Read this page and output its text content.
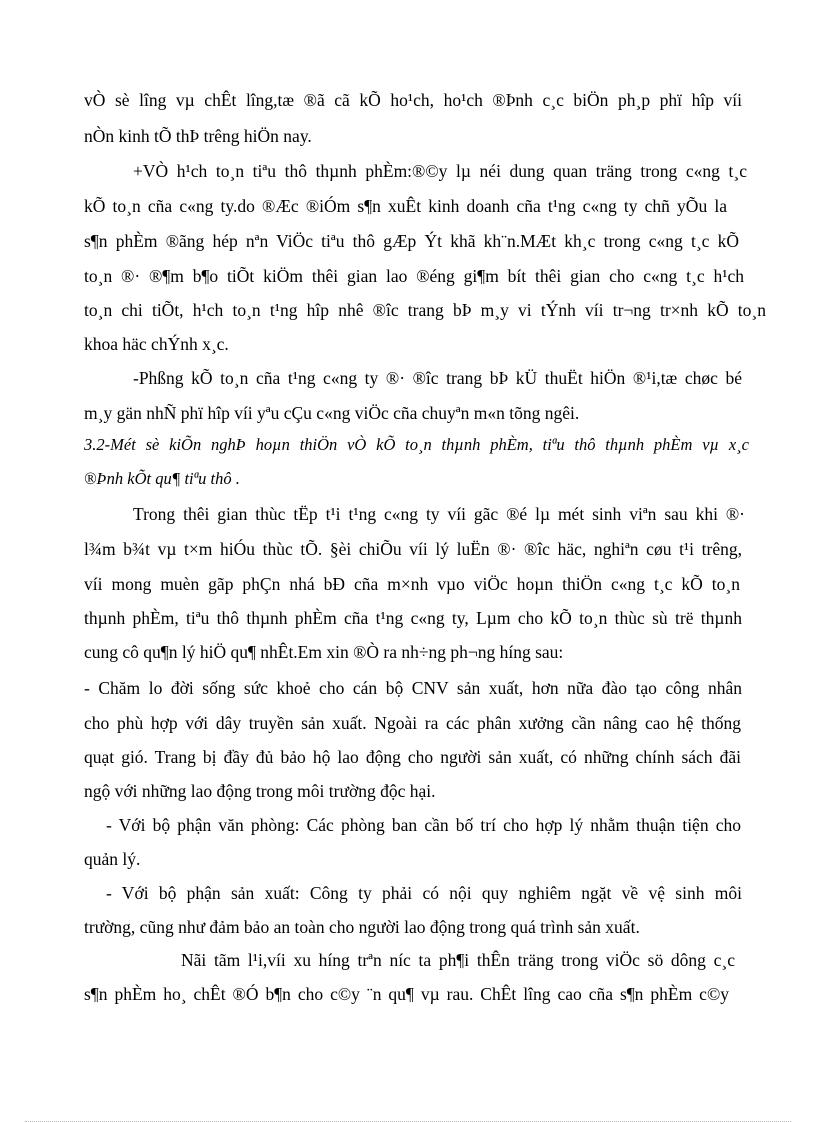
vÒ sè lîng vµ chÊt lîng,tæ ®ã cã kÕ ho¹ch, ho¹ch ®Þnh c¸c biÖn ph¸p phï hîp víi
nÒn kinh tÕ thÞ trêng hiÖn nay.
+VÒ h¹ch to¸n tiªu thô thµnh phÈm:®©y lµ néi dung quan träng trong c«ng t¸c
kÕ to¸n cña c«ng ty.do ®Æc ®iÓm s¶n xuÊt kinh doanh cña t¹ng c«ng ty chñ yÕu la
s¶n phÈm ®ãng hép nªn ViÖc tiªu thô gÆp Ýt khã kh¨n.MÆt kh¸c trong c«ng t¸c kÕ
to¸n ®· ®¶m b¶o tiÕt kiÖm thêi gian lao ®éng gi¶m bít thêi gian cho c«ng t¸c h¹ch
to¸n chi tiÕt, h¹ch to¸n t¹ng hîp nhê ®îc trang bÞ m¸y vi tÝnh víi tr¬ng tr×nh kÕ to¸n
khoa häc chÝnh x¸c.
-Phßng kÕ to¸n cña t¹ng c«ng ty ®· ®îc trang bÞ kÜ thuËt hiÖn ®¹i,tæ chøc bé
m¸y gän nhÑ phï hîp víi yªu cÇu c«ng viÖc cña chuyªn m«n tõng ngêi.
3.2-Mét sè kiÕn nghÞ hoµn thiÖn vÒ kÕ to¸n thµnh phÈm, tiªu thô thµnh phÈm vµ x¸c
®Þnh kÕt qu¶ tiªu thô .
Trong thêi gian thùc tËp t¹i t¹ng c«ng ty víi gãc ®é lµ mét sinh viªn sau khi ®·
l¾m b¾t vµ t×m hiÓu thùc tÕ. §èi chiÕu víi lý luËn ®· ®îc häc, nghiªn cøu t¹i trêng,
víi mong muèn gãp phÇn nhá bÐ cña m×nh vµo viÖc hoµn thiÖn c«ng t¸c kÕ to¸n
thµnh phÈm, tiªu thô thµnh phÈm cña t¹ng c«ng ty, Lµm cho kÕ to¸n thùc sù trë thµnh
cung cô qu¶n lý hiÖ qu¶ nhÊt.Em xin ®Ò ra nh÷ng ph¬ng híng sau:
- Chăm lo đời sống sức khoẻ cho cán bộ CNV sản xuất, hơn nữa đào tạo công nhân
cho phù hợp với dây truyền sản xuất. Ngoài ra các phân xưởng cần nâng cao hệ thống
quạt gió. Trang bị đầy đủ bảo hộ lao động cho người sản xuất, có những chính sách đãi
ngộ với những lao động trong môi trường độc hại.
- Với bộ phận văn phòng: Các phòng ban cần bố trí cho hợp lý nhằm thuận tiện cho
quản lý.
- Với bộ phận sản xuất: Công ty phải có nội quy nghiêm ngặt về vệ sinh môi
trường, cũng như đảm bảo an toàn cho người lao động trong quá trình sản xuất.
Nãi tãm l¹i,víi xu híng trªn níc ta ph¶i thÊn träng trong viÖc sö dông c¸c
s¶n phÈm ho¸ chÊt ®Ó b¶n cho c©y ¨n qu¶ vµ rau. ChÊt lîng cao cña s¶n phÈm c©y
